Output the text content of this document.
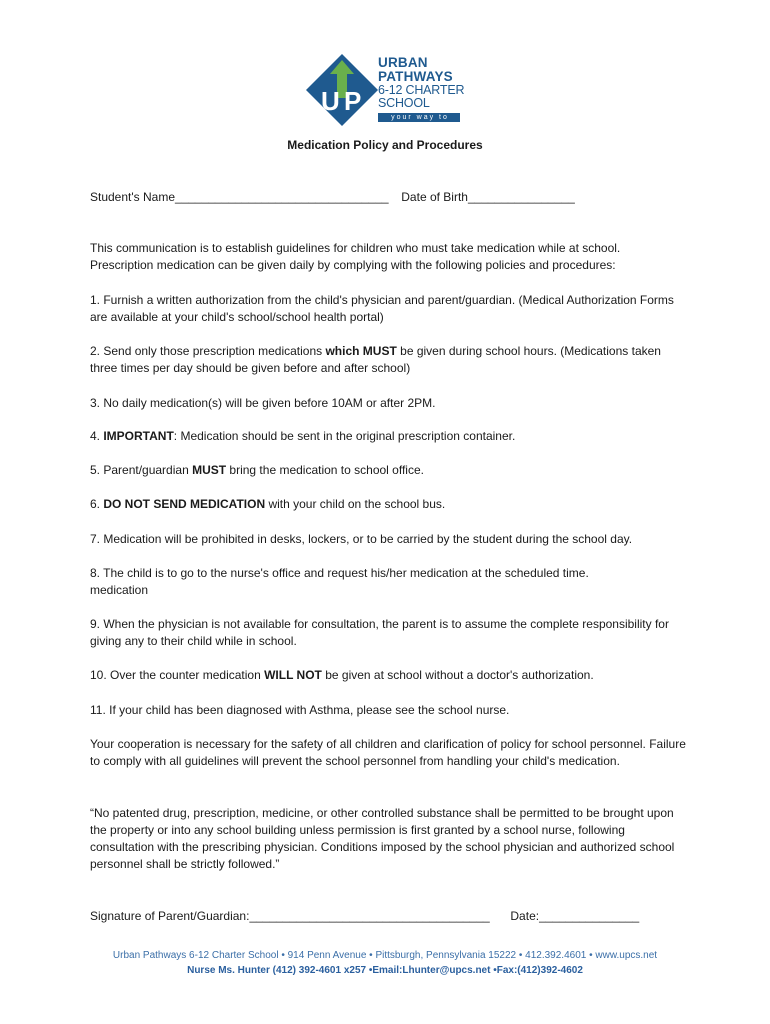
U P
URBAN
PATHWAYS
6-12 CHARTER
SCHOOL
your way to
Medication Policy and Procedures
Student's Name________________________________ Date of Birth________________
This communication is to establish guidelines for children who must take medication while at school.
Prescription medication can be given daily by complying with the following policies and procedures:
1. Furnish a written authorization from the child's physician and parent/guardian. (Medical Authorization Forms are available at your child's school/school health portal)
2. Send only those prescription medications which MUST be given during school hours. (Medications taken three times per day should be given before and after school)
3. No daily medication(s) will be given before 10AM or after 2PM.
4. IMPORTANT: Medication should be sent in the original prescription container.
5. Parent/guardian MUST bring the medication to school office.
6. DO NOT SEND MEDICATION with your child on the school bus.
7. Medication will be prohibited in desks, lockers, or to be carried by the student during the school day.
8. The child is to go to the nurse's office and request his/her medication at the scheduled time.
medication
9. When the physician is not available for consultation, the parent is to assume the complete responsibility for giving any to their child while in school.
10. Over the counter medication WILL NOT be given at school without a doctor's authorization.
11. If your child has been diagnosed with Asthma, please see the school nurse.
Your cooperation is necessary for the safety of all children and clarification of policy for school personnel. Failure to comply with all guidelines will prevent the school personnel from handling your child's medication.
“No patented drug, prescription, medicine, or other controlled substance shall be permitted to be brought upon the property or into any school building unless permission is first granted by a school nurse, following consultation with the prescribing physician. Conditions imposed by the school physician and authorized school personnel shall be strictly followed.”
Signature of Parent/Guardian:____________________________________ Date:_______________
Urban Pathways 6-12 Charter School • 914 Penn Avenue • Pittsburgh, Pennsylvania 15222 • 412.392.4601 • www.upcs.net
Nurse Ms. Hunter (412) 392-4601 x257 •Email:Lhunter@upcs.net •Fax:(412)392-4602
